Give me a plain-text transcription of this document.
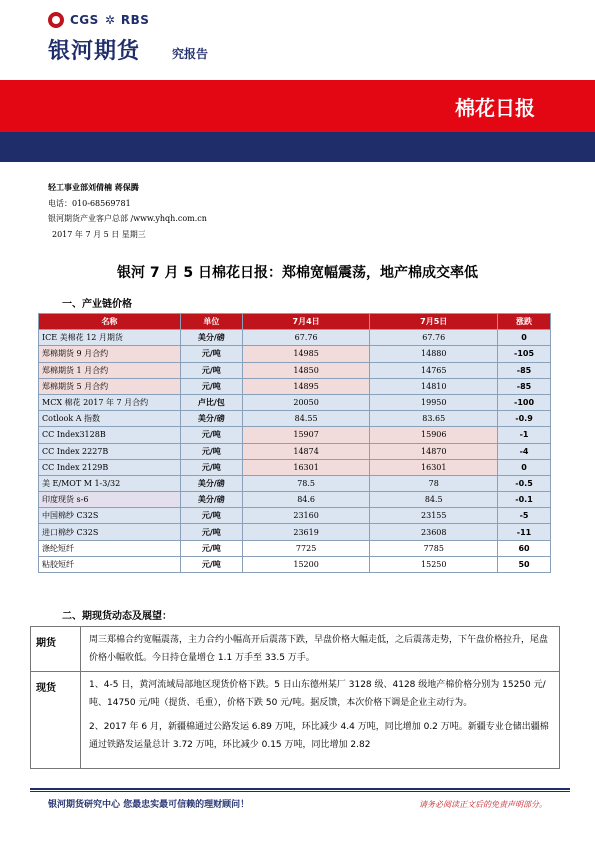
CGS ✲ RBS
银河期货	究报告
棉花日报
轻工事业部刘倩楠 蒋保腾
电话：010-68569781
银河期货产业客户总部 /www.yhqh.com.cn
2017 年 7 月 5 日 星期三
银河 7 月 5 日棉花日报：郑棉宽幅震荡，地产棉成交率低
一、产业链价格
名称	单位	7月4日	7月5日	涨跌
ICE 美棉花 12 月期货	美分/磅	67.76	67.76	0
郑棉期货 9 月合约	元/吨	14985	14880	-105
郑棉期货 1 月合约	元/吨	14850	14765	-85
郑棉期货 5 月合约	元/吨	14895	14810	-85
MCX 棉花 2017 年 7 月合约	卢比/包	20050	19950	-100
Cotlook A 指数	美分/磅	84.55	83.65	-0.9
CC Index3128B	元/吨	15907	15906	-1
CC Index 2227B	元/吨	14874	14870	-4
CC Index 2129B	元/吨	16301	16301	0
美 E/MOT M 1-3/32	美分/磅	78.5	78	-0.5
印度现货 s-6	美分/磅	84.6	84.5	-0.1
中国棉纱 C32S	元/吨	23160	23155	-5
进口棉纱 C32S	元/吨	23619	23608	-11
涤纶短纤	元/吨	7725	7785	60
粘胶短纤	元/吨	15200	15250	50
二、期现货动态及展望：
期货	周三郑棉合约宽幅震荡，主力合约小幅高开后震荡下跌，早盘价格大幅走低，之后震荡走势，下午盘价格拉升，尾盘价格小幅收低。今日持仓量增仓 1.1 万手至 33.5 万手。

现货	1、4-5 日，黄河流域局部地区现货价格下跌。5 日山东德州某厂 3128 级、4128 级地产棉价格分别为 15250 元/吨、14750 元/吨（提货、毛重），价格下跌 50 元/吨。据反馈，本次价格下调是企业主动行为。

2、2017 年 6 月，新疆棉通过公路发运 6.89 万吨，环比减少 4.4 万吨，同比增加 0.2 万吨。新疆专业仓储出疆棉通过铁路发运量总计 3.72 万吨，环比减少 0.15 万吨，同比增加 2.82

银河期货研究中心 您最忠实最可信赖的理财顾问！	请务必阅读正文后的免责声明部分。
